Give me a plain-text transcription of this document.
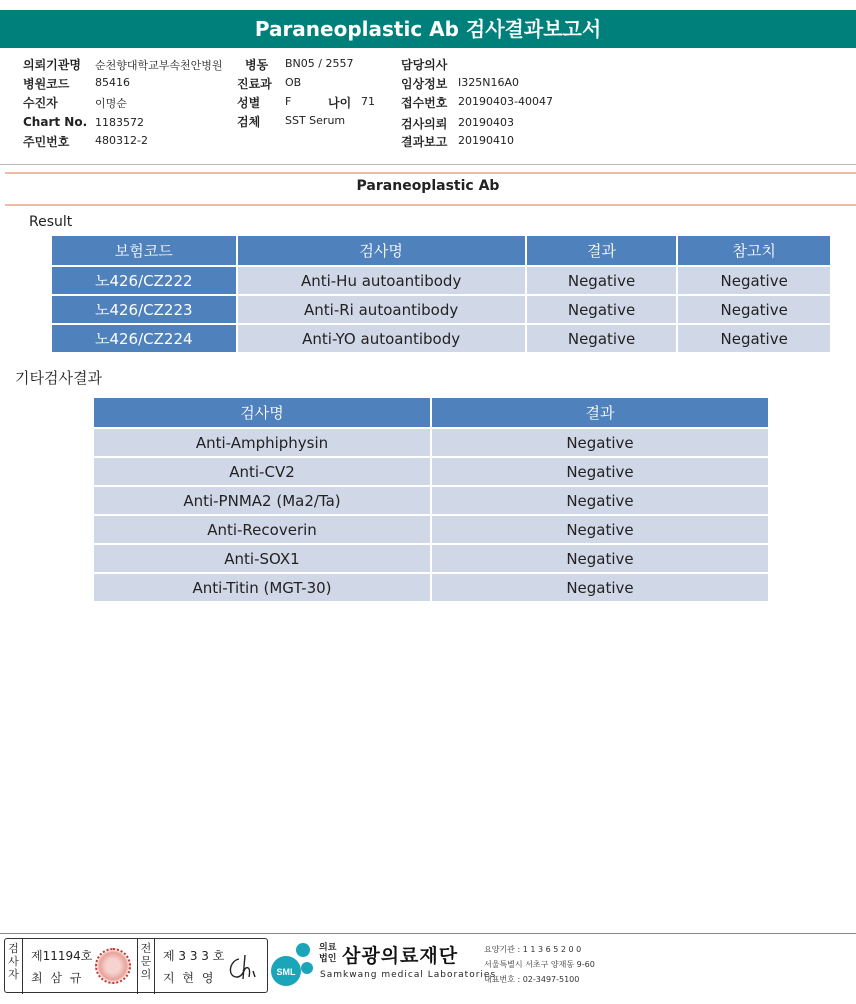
Paraneoplastic Ab 검사결과보고서
의뢰기관명 순천향대학교부속천안병원 병동 BN05 / 2557	담당의사
병원코드 85416	진료과 OB	임상정보 I325N16A0
수진자	이명순	성별 F	나이 71 접수번호 20190403-40047
Chart No. 1183572	검체 SST Serum	검사의뢰 20190403
주민번호 480312-2	결과보고 20190410
Paraneoplastic Ab
Result
보험코드	검사명	결과	참고치
노426/CZ222	Anti-Hu autoantibody	Negative	Negative
노426/CZ223	Anti-Ri autoantibody	Negative	Negative
노426/CZ224	Anti-YO autoantibody	Negative	Negative
기타검사결과
검사명	결과
Anti-Amphiphysin	Negative
Anti-CV2	Negative
Anti-PNMA2 (Ma2/Ta)	Negative
Anti-Recoverin	Negative
Anti-SOX1	Negative
Anti-Titin (MGT-30)	Negative
검사자
제11194호
최 삼 규
전문의
제 3 3 3 호
지 현 영	SML
의료
법인 삼광의료재단
Samkwang medical Laboratories
요양기관 : 1 1 3 6 5 2 0 0
서울특별시 서초구 양재동 9-60
대표번호 : 02-3497-5100
